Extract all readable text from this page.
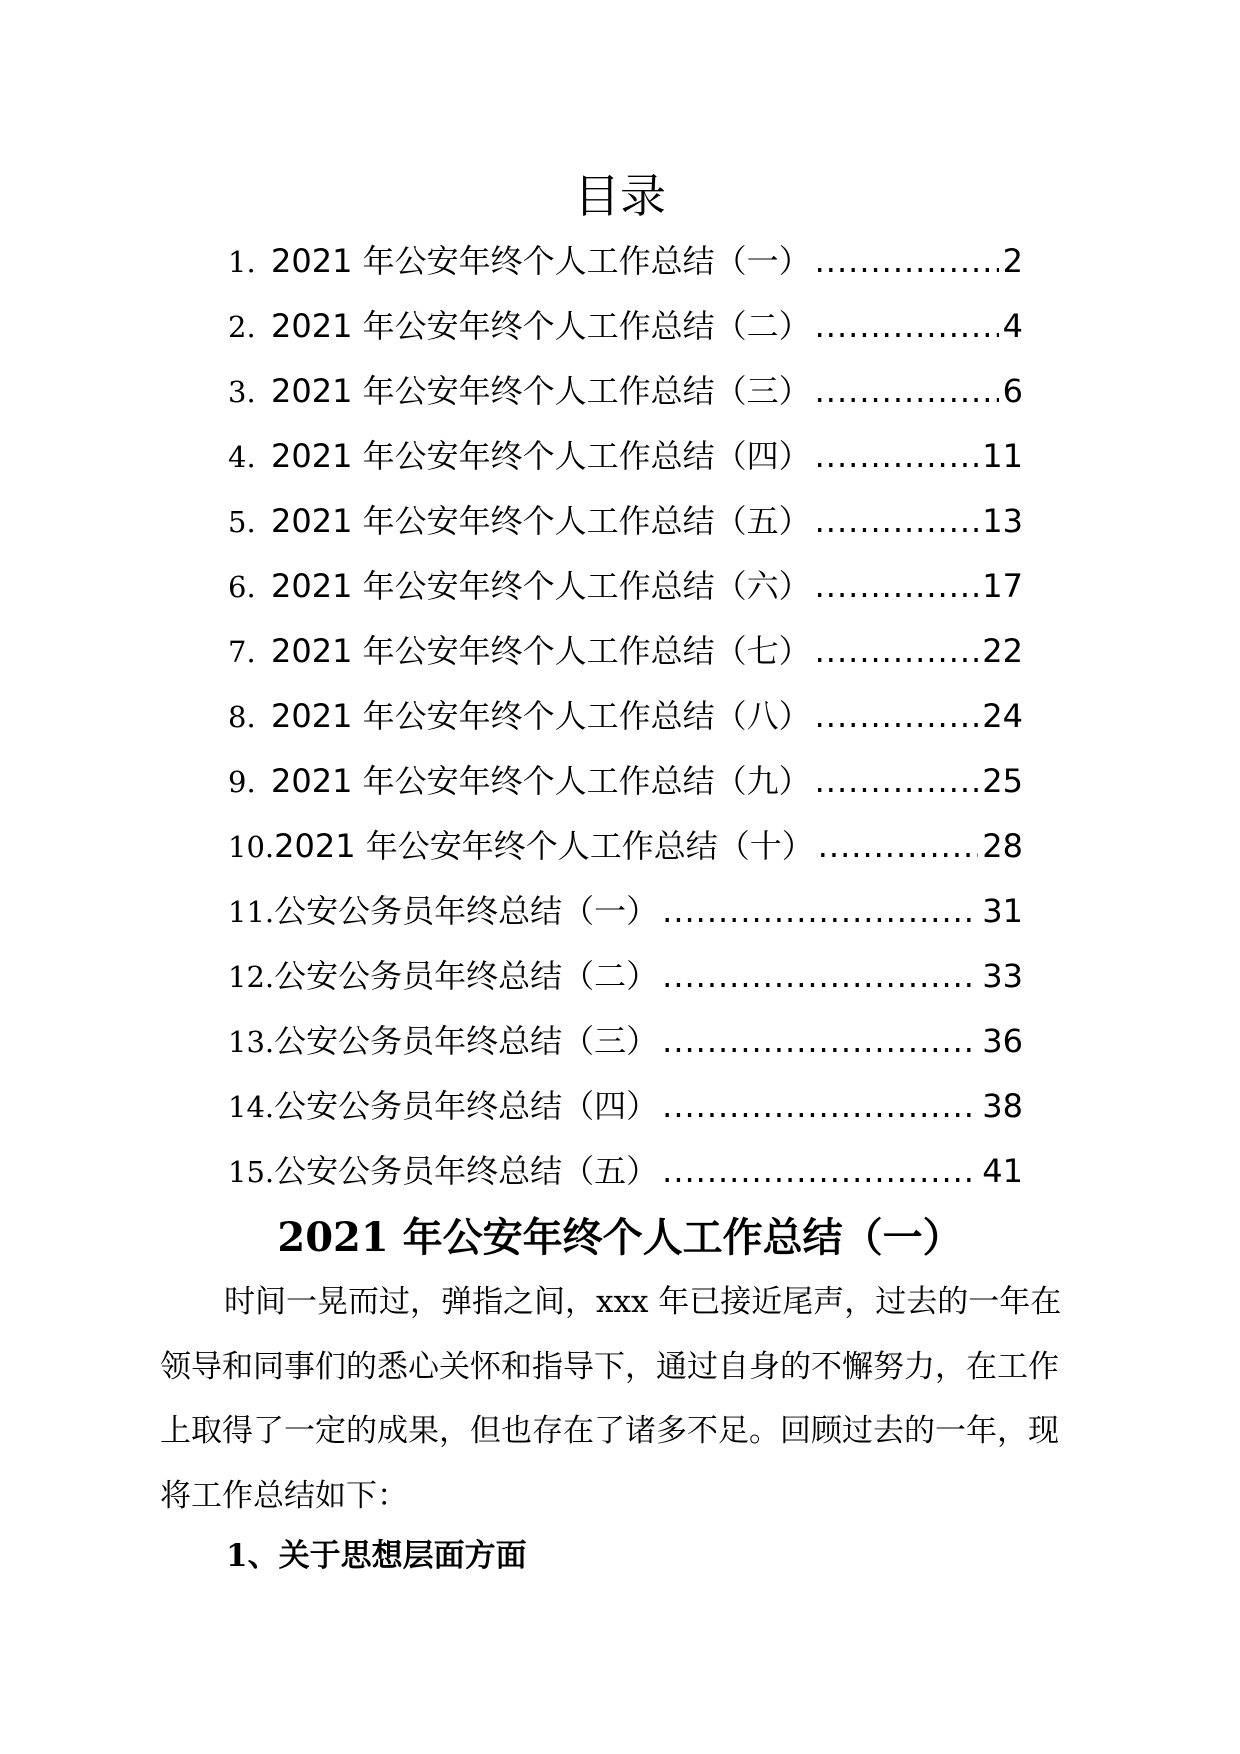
目录
1. 2021 年公安年终个人工作总结（一） .....	2
2. 2021 年公安年终个人工作总结（二） .....	4
3. 2021 年公安年终个人工作总结（三） .....	6
4. 2021 年公安年终个人工作总结（四） .....	11
5. 2021 年公安年终个人工作总结（五） .....	13
6. 2021 年公安年终个人工作总结（六） .....	17
7. 2021 年公安年终个人工作总结（七） .....	22
8. 2021 年公安年终个人工作总结（八） .....	24
9. 2021 年公安年终个人工作总结（九） .....	25
10. 2021 年公安年终个人工作总结（十） .....	28
11. 公安公务员年终总结（一） .....	31
12. 公安公务员年终总结（二） .....	33
13. 公安公务员年终总结（三） .....	36
14. 公安公务员年终总结（四） .....	38
15. 公安公务员年终总结（五） .....	41
2021 年公安年终个人工作总结（一）

时间一晃而过，弹指之间，xxx 年已接近尾声，过去的一年在领导和同事们的悉心关怀和指导下，通过自身的不懈努力，在工作上取得了一定的成果，但也存在了诸多不足。回顾过去的一年，现将工作总结如下：

1、关于思想层面方面
